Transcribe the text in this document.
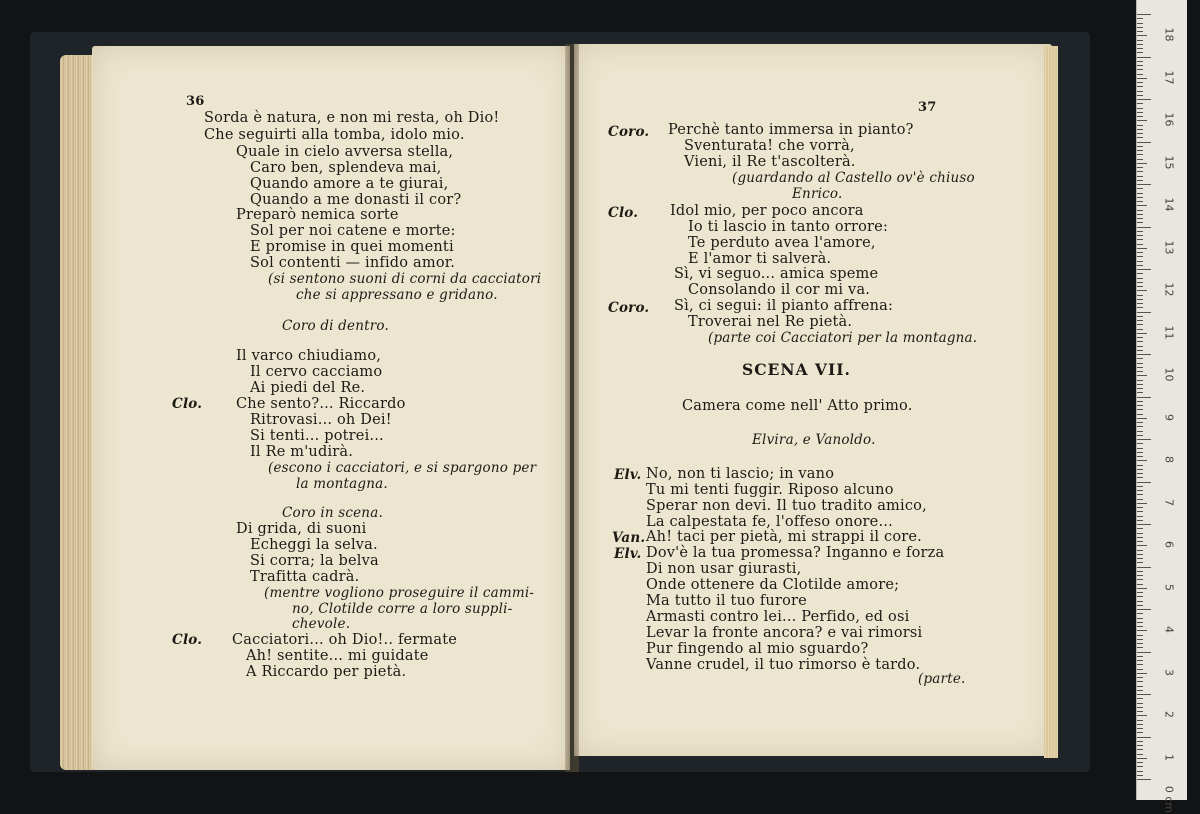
36
Sorda è natura, e non mi resta, oh Dio!
Che seguirti alla tomba, idolo mio.
Quale in cielo avversa stella,
Caro ben, splendeva mai,
Quando amore a te giurai,
Quando a me donasti il cor?
Preparò nemica sorte
Sol per noi catene e morte:
E promise in quei momenti
Sol contenti — infido amor.
(si sentono suoni di corni da cacciatori
che si appressano e gridano.
Coro di dentro.
Il varco chiudiamo,
Il cervo cacciamo
Ai piedi del Re.
Clo. Che sento?... Riccardo
Ritrovasi... oh Dei!
Si tenti... potrei...
Il Re m'udirà.
(escono i cacciatori, e si spargono per
la montagna.
Coro in scena.
Di grida, di suoni
Echeggi la selva.
Si corra; la belva
Trafitta cadrà.
(mentre vogliono proseguire il cammi-
no, Clotilde corre a loro suppli-
chevole.
Clo. Cacciatori... oh Dio!.. fermate
Ah! sentite... mi guidate
A Riccardo per pietà.
37
Coro. Perchè tanto immersa in pianto?
Sventurata! che vorrà,
Vieni, il Re t'ascolterà.
(guardando al Castello ov'è chiuso
Enrico.
Clo. Idol mio, per poco ancora
Io ti lascio in tanto orrore:
Te perduto avea l'amore,
E l'amor ti salverà.
Sì, vi seguo... amica speme
Consolando il cor mi va.
Coro. Sì, ci segui: il pianto affrena:
Troverai nel Re pietà.
(parte coi Cacciatori per la montagna.
SCENA VII.
Camera come nell' Atto primo.
Elvira, e Vanoldo.
Elv. No, non ti lascio; in vano
Tu mi tenti fuggir. Riposo alcuno
Sperar non devi. Il tuo tradito amico,
La calpestata fe, l'offeso onore...
Van. Ah! taci per pietà, mi strappi il core.
Elv. Dov'è la tua promessa? Inganno e forza
Di non usar giurasti,
Onde ottenere da Clotilde amore;
Ma tutto il tuo furore
Armasti contro lei... Perfido, ed osi
Levar la fronte ancora? e vai rimorsi
Pur fingendo al mio sguardo?
Vanne crudel, il tuo rimorso è tardo.
(parte.
18
17
16
15
14
13
12
11
10
9
8
7
6
5
4
3
2
1
0 cm
